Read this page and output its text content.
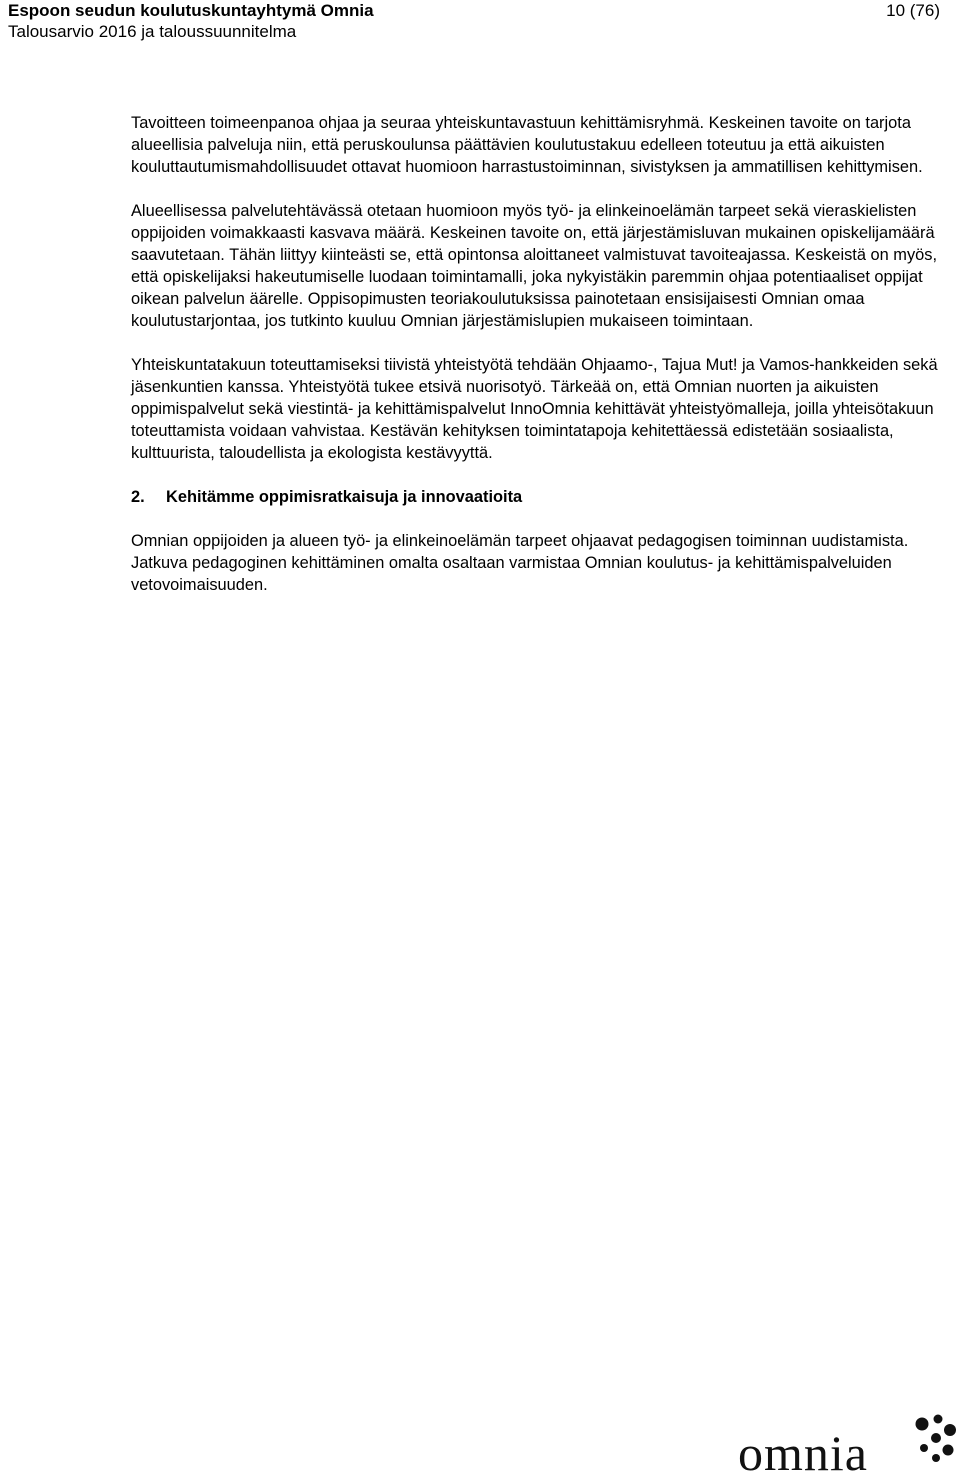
Espoon seudun koulutuskuntayhtymä Omnia	10 (76)
Talousarvio 2016 ja taloussuunnitelma

Tavoitteen toimeenpanoa ohjaa ja seuraa yhteiskuntavastuun kehittämisryhmä. Keskeinen tavoite on tarjota alueellisia palveluja niin, että peruskoulunsa päättävien koulutustakuu edelleen toteutuu ja että aikuisten kouluttautumismahdollisuudet ottavat huomioon harrastustoiminnan, sivistyksen ja ammatillisen kehittymisen.

Alueellisessa palvelutehtävässä otetaan huomioon myös työ- ja elinkeinoelämän tarpeet sekä vieraskielisten oppijoiden voimakkaasti kasvava määrä. Keskeinen tavoite on, että järjestämisluvan mukainen opiskelijamäärä saavutetaan. Tähän liittyy kiinteästi se, että opintonsa aloittaneet valmistuvat tavoiteajassa. Keskeistä on myös, että opiskelijaksi hakeutumiselle luodaan toimintamalli, joka nykyistäkin paremmin ohjaa potentiaaliset oppijat oikean palvelun äärelle. Oppisopimusten teoriakoulutuksissa painotetaan ensisijaisesti Omnian omaa koulutustarjontaa, jos tutkinto kuuluu Omnian järjestämislupien mukaiseen toimintaan.

Yhteiskuntatakuun toteuttamiseksi tiivistä yhteistyötä tehdään Ohjaamo-, Tajua Mut! ja Vamos-hankkeiden sekä jäsenkuntien kanssa. Yhteistyötä tukee etsivä nuorisotyö. Tärkeää on, että Omnian nuorten ja aikuisten oppimispalvelut sekä viestintä- ja kehittämispalvelut InnoOmnia kehittävät yhteistyömalleja, joilla yhteisötakuun toteuttamista voidaan vahvistaa. Kestävän kehityksen toimintatapoja kehitettäessä edistetään sosiaalista, kulttuurista, taloudellista ja ekologista kestävyyttä.

2.	Kehitämme oppimisratkaisuja ja innovaatioita

Omnian oppijoiden ja alueen työ- ja elinkeinoelämän tarpeet ohjaavat pedagogisen toiminnan uudistamista. Jatkuva pedagoginen kehittäminen omalta osaltaan varmistaa Omnian koulutus- ja kehittämispalveluiden vetovoimaisuuden.

omnia
